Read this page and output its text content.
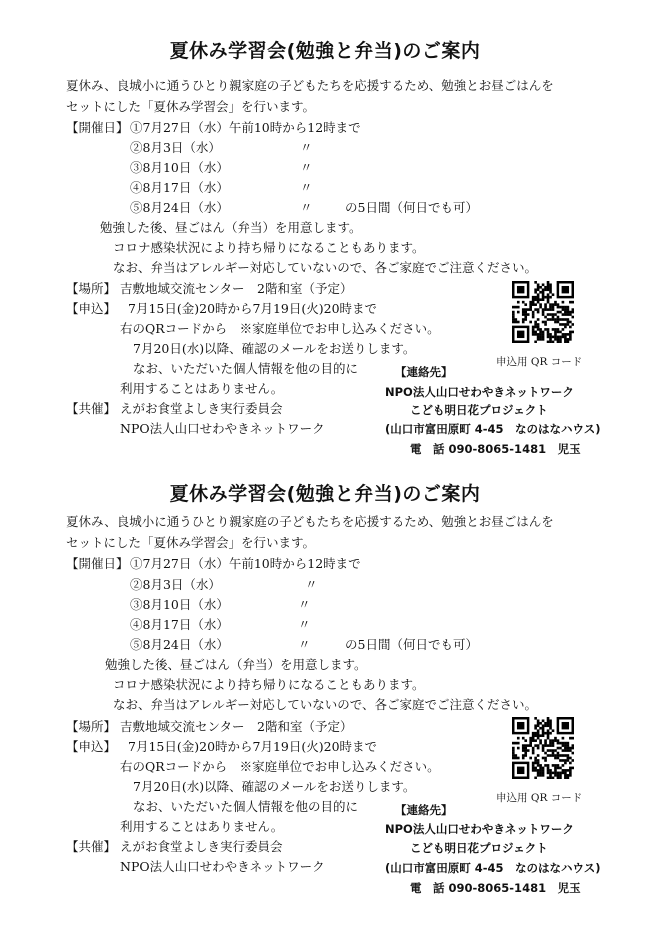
夏休み学習会(勉強と弁当)のご案内
夏休み、良城小に通うひとり親家庭の子どもたちを応援するため、勉強とお昼ごはんを
セットにした「夏休み学習会」を行います。
【開催日】 ①7月27日（水）午前10時から12時まで
②8月3日（水）	〃
③8月10日（水）	〃
④8月17日（水）	〃
⑤8月24日（水）	〃	の5日間（何日でも可）
勉強した後、昼ごはん（弁当）を用意します。
コロナ感染状況により持ち帰りになることもあります。
なお、弁当はアレルギー対応していないので、各ご家庭でご注意ください。
【場所】 吉敷地域交流センター　2階和室（予定）
【申込】 7月15日(金)20時から7月19日(火)20時まで
右のQRコードから　※家庭単位でお申し込みください。
7月20日(水)以降、確認のメールをお送りします。
なお、いただいた個人情報を他の目的に
利用することはありません。
【共催】 えがお食堂よしき実行委員会
NPO法人山口せわやきネットワーク
申込用 QR コード
【連絡先】
NPO法人山口せわやきネットワーク
こども明日花プロジェクト
(山口市富田原町 4-45　なのはなハウス)
電　話 090-8065-1481　児玉
夏休み学習会(勉強と弁当)のご案内
夏休み、良城小に通うひとり親家庭の子どもたちを応援するため、勉強とお昼ごはんを
セットにした「夏休み学習会」を行います。
【開催日】 ①7月27日（水）午前10時から12時まで
②8月3日（水）	〃
③8月10日（水）	〃
④8月17日（水）	〃
⑤8月24日（水）	〃	の5日間（何日でも可）
勉強した後、昼ごはん（弁当）を用意します。
コロナ感染状況により持ち帰りになることもあります。
なお、弁当はアレルギー対応していないので、各ご家庭でご注意ください。
【場所】 吉敷地域交流センター　2階和室（予定）
【申込】 7月15日(金)20時から7月19日(火)20時まで
右のQRコードから　※家庭単位でお申し込みください。
7月20日(水)以降、確認のメールをお送りします。
なお、いただいた個人情報を他の目的に
利用することはありません。
【共催】 えがお食堂よしき実行委員会
NPO法人山口せわやきネットワーク
申込用 QR コード
【連絡先】
NPO法人山口せわやきネットワーク
こども明日花プロジェクト
(山口市富田原町 4-45　なのはなハウス)
電　話 090-8065-1481　児玉
